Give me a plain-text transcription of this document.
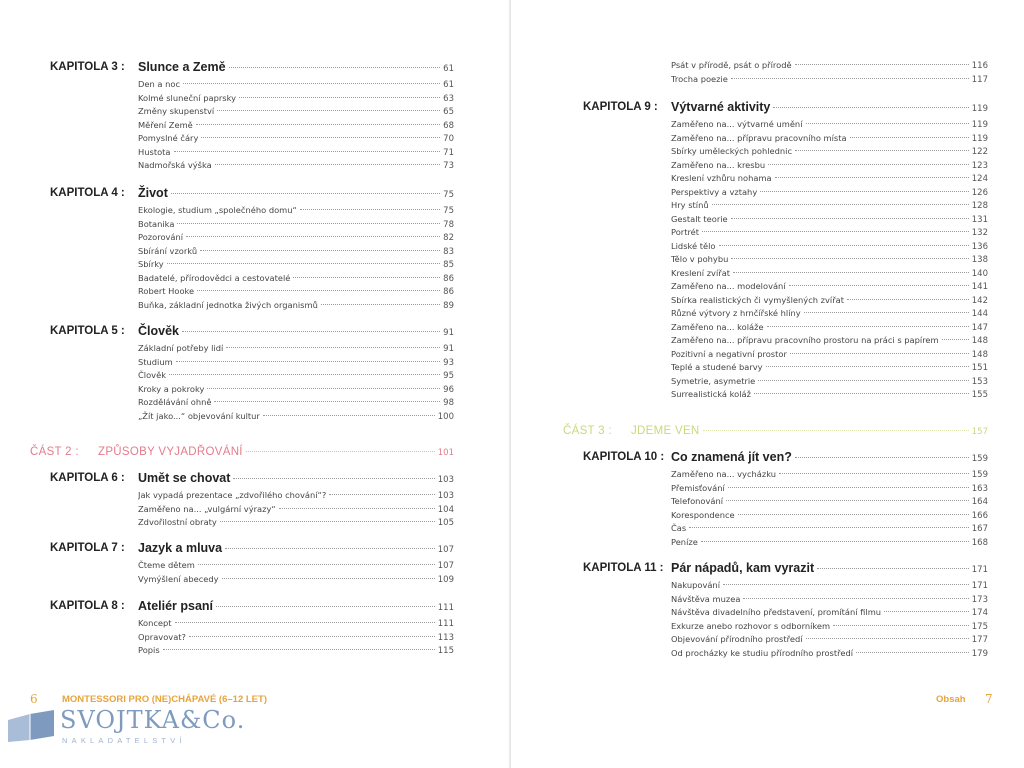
KAPITOLA 3 :	Slunce a Země	61
Den a noc	61
Kolmé sluneční paprsky	63
Změny skupenství	65
Měření Země	68
Pomyslné čáry	70
Hustota	71
Nadmořská výška	73
KAPITOLA 4 :	Život	75
Ekologie, studium „společného domu“	75
Botanika	78
Pozorování	82
Sbírání vzorků	83
Sbírky	85
Badatelé, přírodovědci a cestovatelé	86
Robert Hooke	86
Buňka, základní jednotka živých organismů	89
KAPITOLA 5 :	Člověk	91
Základní potřeby lidí	91
Studium	93
Člověk	95
Kroky a pokroky	96
Rozdělávání ohně	98
„Žít jako...“ objevování kultur	100
ČÁST 2 :	ZPŮSOBY VYJADŘOVÁNÍ	101
KAPITOLA 6 :	Umět se chovat	103
Jak vypadá prezentace „zdvořilého chování“?	103
Zaměřeno na... „vulgární výrazy“	104
Zdvořilostní obraty	105
KAPITOLA 7 :	Jazyk a mluva	107
Čteme dětem	107
Vymýšlení abecedy	109
KAPITOLA 8 :	Ateliér psaní	111
Koncept	111
Opravovat?	113
Popis	115
6	MONTESSORI PRO (NE)CHÁPAVÉ (6–12 LET)
Psát v přírodě, psát o přírodě	116
Trocha poezie	117
KAPITOLA 9 :	Výtvarné aktivity	119
Zaměřeno na... výtvarné umění	119
Zaměřeno na... přípravu pracovního místa	119
Sbírky uměleckých pohlednic	122
Zaměřeno na... kresbu	123
Kreslení vzhůru nohama	124
Perspektivy a vztahy	126
Hry stínů	128
Gestalt teorie	131
Portrét	132
Lidské tělo	136
Tělo v pohybu	138
Kreslení zvířat	140
Zaměřeno na... modelování	141
Sbírka realistických či vymyšlených zvířat	142
Různé výtvory z hrnčířské hlíny	144
Zaměřeno na... koláže	147
Zaměřeno na... přípravu pracovního prostoru na práci s papírem	148
Pozitivní a negativní prostor	148
Teplé a studené barvy	151
Symetrie, asymetrie	153
Surrealistická koláž	155
ČÁST 3 :	JDEME VEN	157
KAPITOLA 10 : Co znamená jít ven?	159
Zaměřeno na... vycházku	159
Přemisťování	163
Telefonování	164
Korespondence	166
Čas	167
Peníze	168
KAPITOLA 11 : Pár nápadů, kam vyrazit	171
Nakupování	171
Návštěva muzea	173
Návštěva divadelního představení, promítání filmu	174
Exkurze anebo rozhovor s odborníkem	175
Objevování přírodního prostředí	177
Od procházky ke studiu přírodního prostředí	179
Obsah 7
SVOJTKA&Co.
NAKLADATELSTVÍ
